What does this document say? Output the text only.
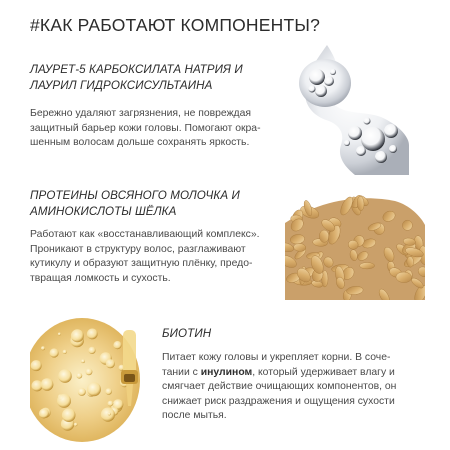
#КАК РАБОТАЮТ КОМПОНЕНТЫ?
ЛАУРЕТ-5 КАРБОКСИЛАТА НАТРИЯ И
ЛАУРИЛ ГИДРОКСИСУЛЬТАИНА
Бережно удаляют загрязнения, не повреждая
защитный барьер кожи головы. Помогают окра-
шенным волосам дольше сохранять яркость.
ПРОТЕИНЫ ОВСЯНОГО МОЛОЧКА И
АМИНОКИСЛОТЫ ШЁЛКА
Работают как «восстанавливающий комплекс».
Проникают в структуру волос, разглаживают
кутикулу и образуют защитную плёнку, предо-
твращая ломкость и сухость.
БИОТИН
Питает кожу головы и укрепляет корни. В соче-
тании с инулином, который удерживает влагу и
смягчает действие очищающих компонентов, он
снижает риск раздражения и ощущения сухости
после мытья.
